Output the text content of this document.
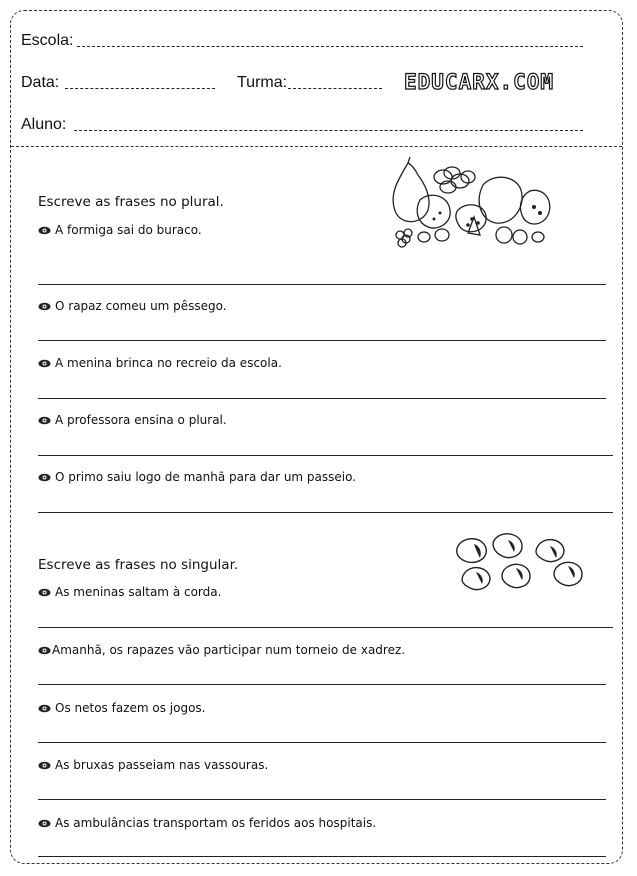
Escola:
Data:	Turma:	EDUCARX.COM
Aluno:
Escreve as frases no plural.
A formiga sai do buraco.
O rapaz comeu um pêssego.
A menina brinca no recreio da escola.
A professora ensina o plural.
O primo saiu logo de manhã para dar um passeio.
Escreve as frases no singular.
As meninas saltam à corda.
Amanhã, os rapazes vão participar num torneio de xadrez.
Os netos fazem os jogos.
As bruxas passeiam nas vassouras.
As ambulâncias transportam os feridos aos hospitais.
